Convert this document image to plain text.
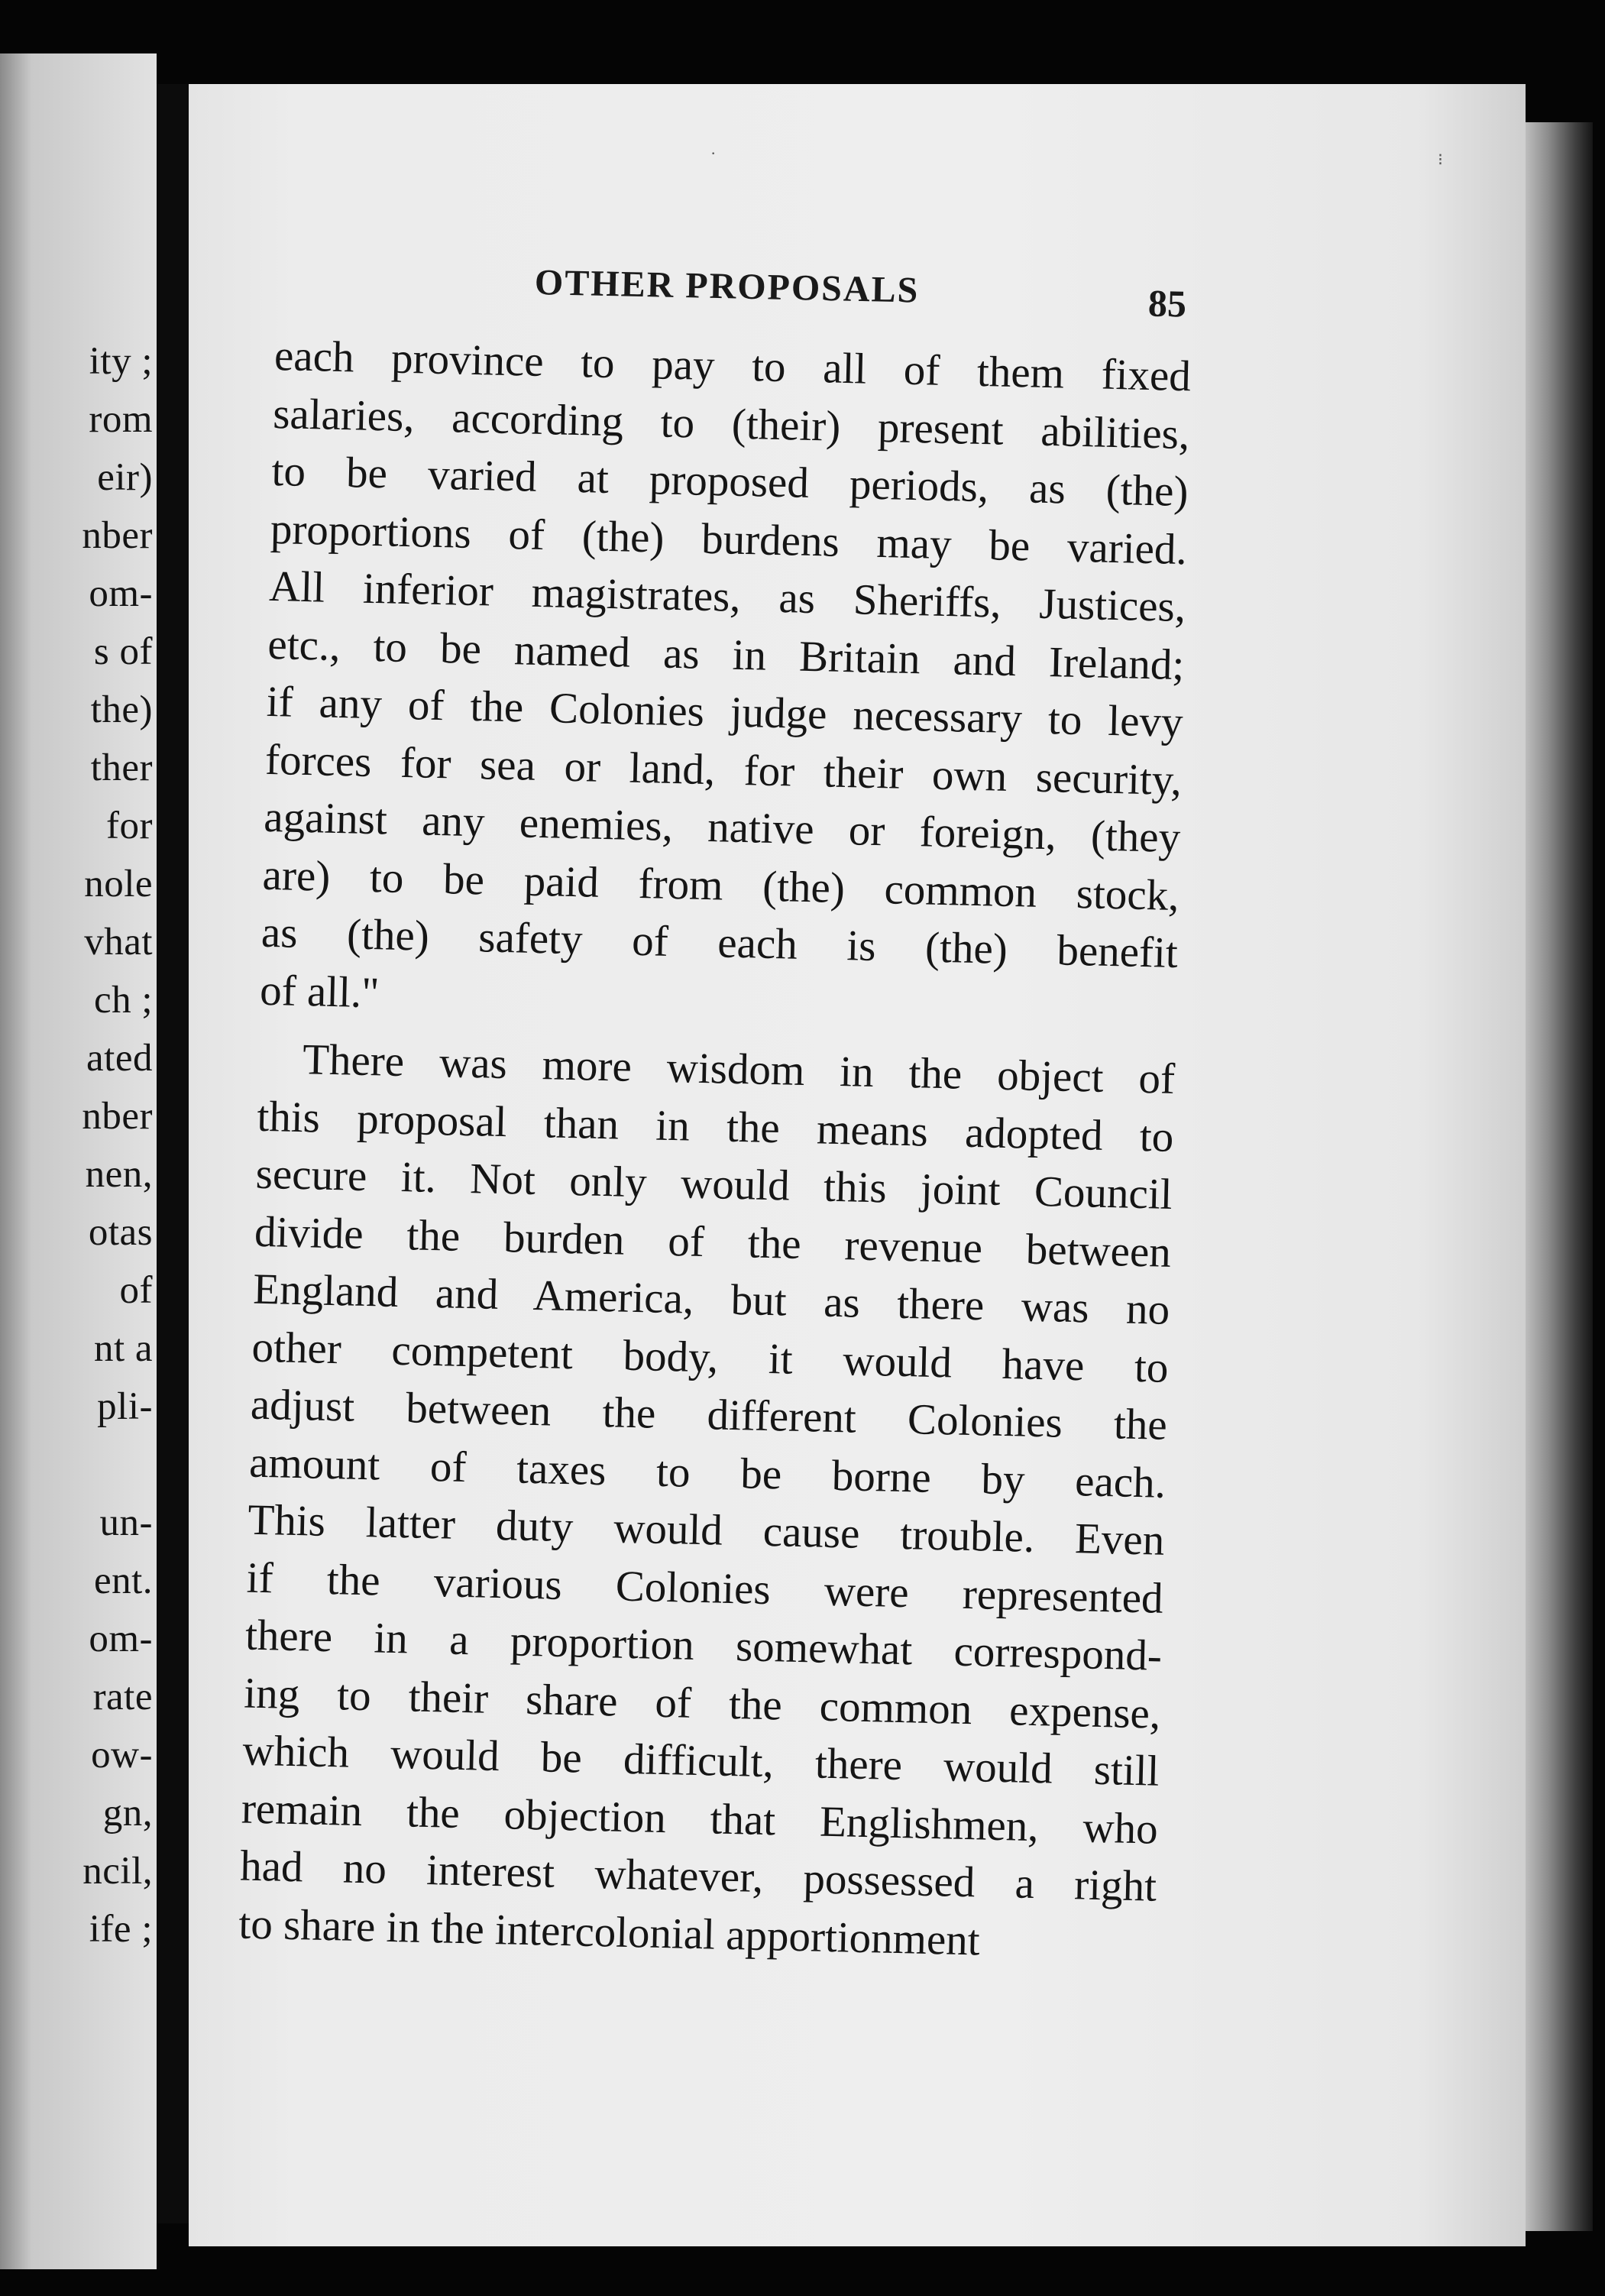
ity ;
rom
eir)
nber
om-
s of
the)
ther
for
nole
vhat
ch ;
ated
nber
nen,
otas
of
nt a
pli-
un-
ent.
om-
rate
ow-
gn,
ncil,
ife ;
OTHER PROPOSALS	85
each province to pay to all of them fixed
salaries, according to (their) present abilities,
to be varied at proposed periods, as (the)
proportions of (the) burdens may be varied.
All inferior magistrates, as Sheriffs, Justices,
etc., to be named as in Britain and Ireland;
if any of the Colonies judge necessary to levy
forces for sea or land, for their own security,
against any enemies, native or foreign, (they
are) to be paid from (the) common stock,
as (the) safety of each is (the) benefit
of all."
There was more wisdom in the object of
this proposal than in the means adopted to
secure it. Not only would this joint Council
divide the burden of the revenue between
England and America, but as there was no
other competent body, it would have to
adjust between the different Colonies the
amount of taxes to be borne by each.
This latter duty would cause trouble. Even
if the various Colonies were represented
there in a proportion somewhat correspond-
ing to their share of the common expense,
which would be difficult, there would still
remain the objection that Englishmen, who
had no interest whatever, possessed a right
to share in the intercolonial apportionment
·	⁝
